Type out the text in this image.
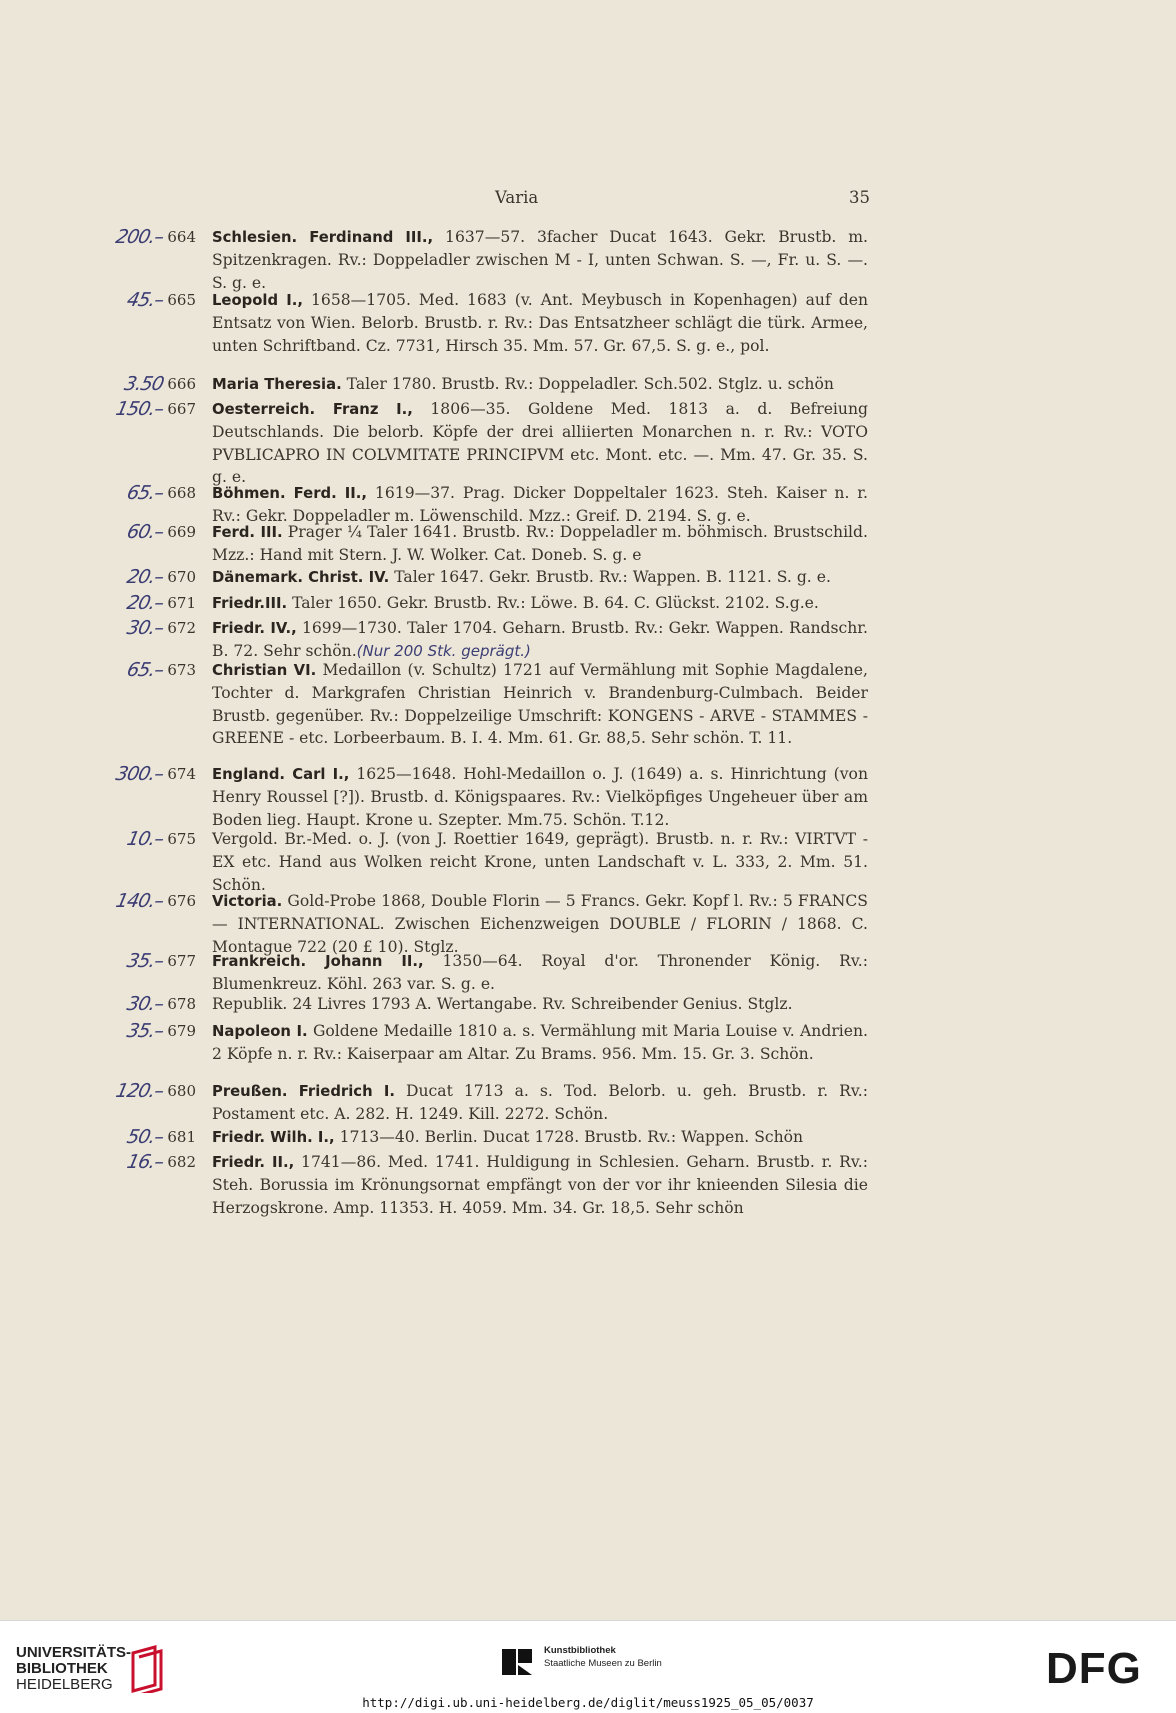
Varia	35
200.– 664 Schlesien. Ferdinand III., 1637—57. 3facher Ducat 1643. Gekr. Brustb. m. Spitzenkragen. Rv.: Doppeladler zwischen M - I, unten Schwan. S. —, Fr. u. S. —. S. g. e.
45.– 665 Leopold I., 1658—1705. Med. 1683 (v. Ant. Meybusch in Kopenhagen) auf den Entsatz von Wien. Belorb. Brustb. r. Rv.: Das Entsatzheer schlägt die türk. Armee, unten Schriftband. Cz. 7731, Hirsch 35. Mm. 57. Gr. 67,5. S. g. e., pol.
3.50 666 Maria Theresia. Taler 1780. Brustb. Rv.: Doppeladler. Sch.502. Stglz. u. schön
150.– 667 Oesterreich. Franz I., 1806—35. Goldene Med. 1813 a. d. Befreiung Deutschlands. Die belorb. Köpfe der drei alliierten Monarchen n. r. Rv.: VOTO PVBLICAPRO IN COLVMITATE PRINCIPVM etc. Mont. etc. —. Mm. 47. Gr. 35. S. g. e.
65.– 668 Böhmen. Ferd. II., 1619—37. Prag. Dicker Doppeltaler 1623. Steh. Kaiser n. r. Rv.: Gekr. Doppeladler m. Löwenschild. Mzz.: Greif. D. 2194. S. g. e.
60.– 669 Ferd. III. Prager ¼ Taler 1641. Brustb. Rv.: Doppeladler m. böhmisch. Brustschild. Mzz.: Hand mit Stern. J. W. Wolker. Cat. Doneb. S. g. e
20.– 670 Dänemark. Christ. IV. Taler 1647. Gekr. Brustb. Rv.: Wappen. B. 1121. S. g. e.
20.– 671 Friedr.III. Taler 1650. Gekr. Brustb. Rv.: Löwe. B. 64. C. Glückst. 2102. S.g.e.
30.– 672 Friedr. IV., 1699—1730. Taler 1704. Geharn. Brustb. Rv.: Gekr. Wappen. Randschr. B. 72. Sehr schön.(Nur 200 Stk. geprägt.)
65.– 673 Christian VI. Medaillon (v. Schultz) 1721 auf Vermählung mit Sophie Magdalene, Tochter d. Markgrafen Christian Heinrich v. Brandenburg-Culmbach. Beider Brustb. gegenüber. Rv.: Doppelzeilige Umschrift: KONGENS - ARVE - STAMMES - GREENE - etc. Lorbeerbaum. B. I. 4. Mm. 61. Gr. 88,5. Sehr schön. T. 11.
300.– 674 England. Carl I., 1625—1648. Hohl-Medaillon o. J. (1649) a. s. Hinrichtung (von Henry Roussel [?]). Brustb. d. Königspaares. Rv.: Vielköpfiges Ungeheuer über am Boden lieg. Haupt. Krone u. Szepter. Mm.75. Schön. T.12.
10.– 675 Vergold. Br.-Med. o. J. (von J. Roettier 1649, geprägt). Brustb. n. r. Rv.: VIRTVT - EX etc. Hand aus Wolken reicht Krone, unten Landschaft v. L. 333, 2. Mm. 51. Schön.
140.– 676 Victoria. Gold-Probe 1868, Double Florin — 5 Francs. Gekr. Kopf l. Rv.: 5 FRANCS — INTERNATIONAL. Zwischen Eichenzweigen DOUBLE / FLORIN / 1868. C. Montague 722 (20 £ 10). Stglz.
35.– 677 Frankreich. Johann II., 1350—64. Royal d'or. Thronender König. Rv.: Blumenkreuz. Köhl. 263 var. S. g. e.
30.– 678 Republik. 24 Livres 1793 A. Wertangabe. Rv. Schreibender Genius. Stglz.
35.– 679 Napoleon I. Goldene Medaille 1810 a. s. Vermählung mit Maria Louise v. Andrien. 2 Köpfe n. r. Rv.: Kaiserpaar am Altar. Zu Brams. 956. Mm. 15. Gr. 3. Schön.
120.– 680 Preußen. Friedrich I. Ducat 1713 a. s. Tod. Belorb. u. geh. Brustb. r. Rv.: Postament etc. A. 282. H. 1249. Kill. 2272. Schön.
50.– 681 Friedr. Wilh. I., 1713—40. Berlin. Ducat 1728. Brustb. Rv.: Wappen. Schön
16.– 682 Friedr. II., 1741—86. Med. 1741. Huldigung in Schlesien. Geharn. Brustb. r. Rv.: Steh. Borussia im Krönungsornat empfängt von der vor ihr knieenden Silesia die Herzogskrone. Amp. 11353. H. 4059. Mm. 34. Gr. 18,5. Sehr schön
UNIVERSITÄTS-
BIBLIOTHEK
HEIDELBERG
Kunstbibliothek
Staatliche Museen zu Berlin	DFG
http://digi.ub.uni-heidelberg.de/diglit/meuss1925_05_05/0037
